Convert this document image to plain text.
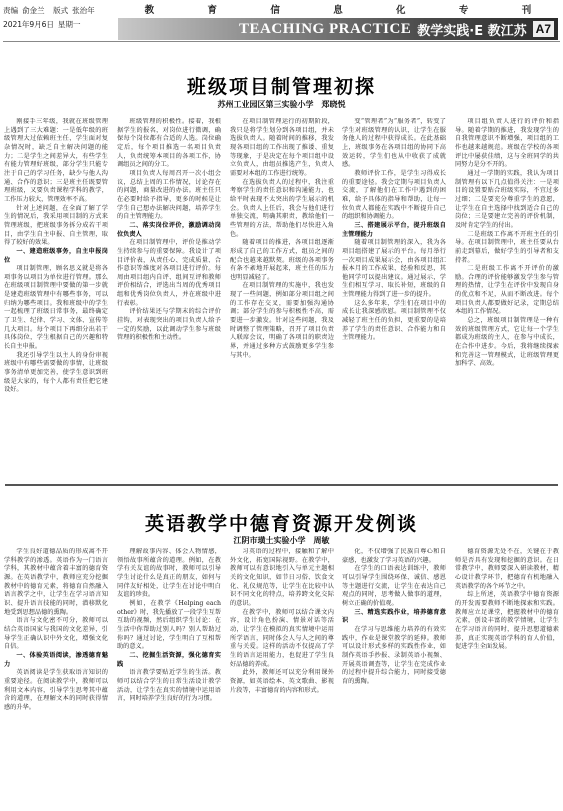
责编 俞金兰 版式 张治年
2021年9月6日 星期一
教	育	信	息	化	专	刊
TEACHING PRACTICE 教学实践·E 教江苏 A7
班级项目制管理初探
苏州工业园区第三实验小学　郑晓悦

刚接手三年级，我就在班级管理上遇到了三大难题：一是低年级的班级管理大过依赖班主任，学生面对复杂情况时，缺乏自主解决问题的能力；二是学生之间差异大，有些学生有能力管理好班级，部分学生只能专注于自己的学习任务，缺少与他人沟通、合作的意识；三是班主任既要管理班级，又要负责课程学科的教学，工作压力较大，管理效率不高。

针对上述问题，在全面了解了学生的情况后，我采用项目制的方式来管理班级，把班级事务拆分成若干项目，由学生自主申报、自主管理，取得了较好的效果。

一、建造班级事务，自主申报岗位

项目制管理，顾名思义就是将各项事务以项目为单位进行管理。那么在班级项目制管理中要做的第一步就是建造班级管理中有哪些事务，可以归纳为哪些项目。我和班级中的学生一起梳理了班级日常事务，最终确定了卫生、纪律、学习、文体、宣传等几大项目。每个项目下再细分出若干具体岗位，学生根据自己的兴趣和特长自主申报。

我还引导学生以主人的身份审视班级中有哪些需要做的事情，让班级事务清单更加完善，使学生意识到班级是大家的，每个人都有责任把它建设好。

班级管理的积极性。接着，我根据学生的报名，对岗位进行微调，确保每个岗位都有合适的人选。岗位确定后，每个项目推选一名项目负责人，负责统筹本项目的各项工作，协调组员之间的分工。

项目负责人每周召开一次小组会议，总结上周的工作情况，讨论存在的问题，商量改进的办法。班主任只在必要时给予指导，更多的时候是让学生自己想办法解决问题，培养学生的自主管理能力。

二、落实岗位评价，激励调动岗位负责人

在项目制管理中，评价是推动学生持续参与的重要保障。我设计了项目评价表，从责任心、完成质量、合作意识等维度对各项目进行评价。每周由项目组内自评、组间互评和教师评价相结合，评选出当周的优秀项目组和优秀岗位负责人，并在班级中进行表彰。

评价结果还与学期末的综合评价挂钩，对表现突出的项目负责人给予一定的奖励，以此调动学生参与班级管理的积极性和主动性。

在项目制管理运行的初期阶段，我只是将学生划分到各项目组，并未选拔负责人。随着时间的推移，我发现各项目组的工作出现了推诿、重复等现象，于是决定在每个项目组中设立负责人，由组员推选产生，负责人需要对本组的工作进行统筹。

在选拔负责人的过程中，我注重考察学生的责任意识和沟通能力，也给平时表现不太突出的学生展示的机会。负责人上任后，我会与他们进行单独交流，明确其职责，教给他们一些管理的方法，帮助他们尽快进入角色。

随着项目的推进，各项目组逐渐形成了自己的工作方式，组员之间的配合也越来越默契。班级的各项事务有条不紊地开展起来，班主任的压力也明显减轻了。

在项目制管理的实施中，我也发现了一些问题，例如部分项目组之间的工作存在交叉，需要加强沟通协调；部分学生的参与积极性不高，需要进一步激发。针对这些问题，我及时调整了管理策略，召开了项目负责人联席会议，明确了各项目的职责边界，并通过多种方式鼓励更多学生参与其中。

变“管理者”为“服务者”，转变了学生对班级管理的认识，让学生在服务他人的过程中获得成长。在此基础上，班级事务在各项目组的协同下高效运转，学生们也从中收获了成就感。

教师评价工作，是学生习得成长的重要途径。我会定期与项目负责人交流，了解他们在工作中遇到的困难，给予具体的指导和帮助，让每一位负责人都能在实践中不断提升自己的组织和协调能力。

三、搭建展示平台，提升班级自主管理能力

随着项目制管理的深入，我为各项目组搭建了展示的平台。每月举行一次项目成果展示会，由各项目组汇报本月的工作成果、经验和反思，其他同学可以提出建议。通过展示，学生们相互学习、取长补短，班级的自主管理能力得到了进一步的提升。

这么多年来，学生们在项目中的成长让我深感欣慰。项目制管理不仅减轻了班主任的负担，更重要的是培养了学生的责任意识、合作能力和自主管理能力。

项目组负责人进行的评价和指导。随着学期的推进，我发现学生的自我管理意识不断增强，项目组的工作也越来越规范。班级在学校的各项评比中屡获佳绩，这与全班同学的共同努力是分不开的。

通过一学期的实践，我认为项目制管理有以下几点值得关注：一是项目的设置要贴合班级实际，不宜过多过细；二是要充分尊重学生的意愿，让学生在自主选择中找到适合自己的岗位；三是要建立完善的评价机制，及时肯定学生的付出。

二是班级工作离不开班主任的引导。在项目制管理中，班主任要从台前走到幕后，做好学生的引导者和支持者。

二是班级工作离不开评价的激励。合理的评价能够激发学生参与管理的热情，让学生在评价中发现自身的优点和不足，从而不断改进。每个项目负责人都要做好记录，定期总结本组的工作情况。

总之，班级项目制管理是一种有效的班级管理方式，它让每一个学生都成为班级的主人，在参与中成长，在合作中进步。今后，我将继续探索和完善这一管理模式，让班级管理更加科学、高效。

英语教学中德育资源开发例谈
江阴市璜土实验小学　周敏

学生良好道德品质的形成离不开学科教学的渗透。英语作为一门语言学科，其教材中蕴含着丰富的德育资源。在英语教学中，教师应充分挖掘教材中的德育元素，将德育自然融入语言教学之中，让学生在学习语言知识、提升语言技能的同时，潜移默化地受到思想品德的熏陶。

语言与文化密不可分，教师可以结合英语国家与我国的文化差异，引导学生正确认识中外文化，增强文化自信。

一、体验英语阅读，渗透德育魅力

英语阅读是学生获取语言知识的重要途径。在阅读教学中，教师可以利用文本内容，引导学生思考其中蕴含的道理，在理解文本的同时获得情感的升华。

理解故事内容、体会人物情感，领悟故事所蕴含的道理。例如，在教学有关友谊的故事时，教师可以引导学生讨论什么是真正的朋友，如何与同伴友好相处，让学生在讨论中明白友谊的珍贵。

例如，在教学《Helping each other》时，我先播放了一段学生互帮互助的视频，然后组织学生讨论：在生活中你帮助过别人吗？别人帮助过你吗？通过讨论，学生明白了互相帮助的意义。

二、挖掘生活资源，强化德育实践

语言教学要贴近学生的生活。教师可以结合学生的日常生活设计教学活动，让学生在真实的情境中运用语言，同时培养学生良好的行为习惯。

习英语的过程中，接触和了解中外文化，拓宽国际视野。在教学中，教师可以有意识地引入与单元主题相关的文化知识，如节日习俗、饮食文化、礼仪规范等，让学生在比较中认识不同文化的特点，培养跨文化交际的意识。

在教学中，教师可以结合课文内容，设计角色扮演、情景对话等活动，让学生在模拟的真实情境中运用所学语言，同时体会人与人之间的尊重与关爱。这样的活动不仅提高了学生的语言运用能力，也促进了学生良好品德的养成。

此外，教师还可以充分利用课外资源，如英语绘本、英文歌曲、影视片段等，丰富德育的内容和形式。

化，不仅增强了民族自尊心和自豪感，也激发了学习英语的兴趣。

在学生的口语表达训练中，教师可以引导学生围绕环保、诚信、感恩等主题进行交流，让学生在表达自己观点的同时，思考做人做事的道理，树立正确的价值观。

三、精选实践作业，培养德育意识

在学习与思维能力培养的有效实践中，作业是课堂教学的延伸。教师可以设计形式多样的实践性作业，如制作英语手抄报、录制英语小视频、开展英语调查等，让学生在完成作业的过程中提升综合能力，同时接受德育的熏陶。

德育资源无处不在，关键在于教师是否具有发现和挖掘的意识。在日常教学中，教师要深入研读教材，精心设计教学环节，把德育有机地融入英语教学的各个环节之中。

综上所述，英语教学中德育资源的开发需要教师不断地探索和实践。教师应立足课堂，把握教材中的德育元素，创设丰富的教学情境，让学生在学习语言的同时，提升思想道德素养，真正实现英语学科的育人价值，促进学生全面发展。
